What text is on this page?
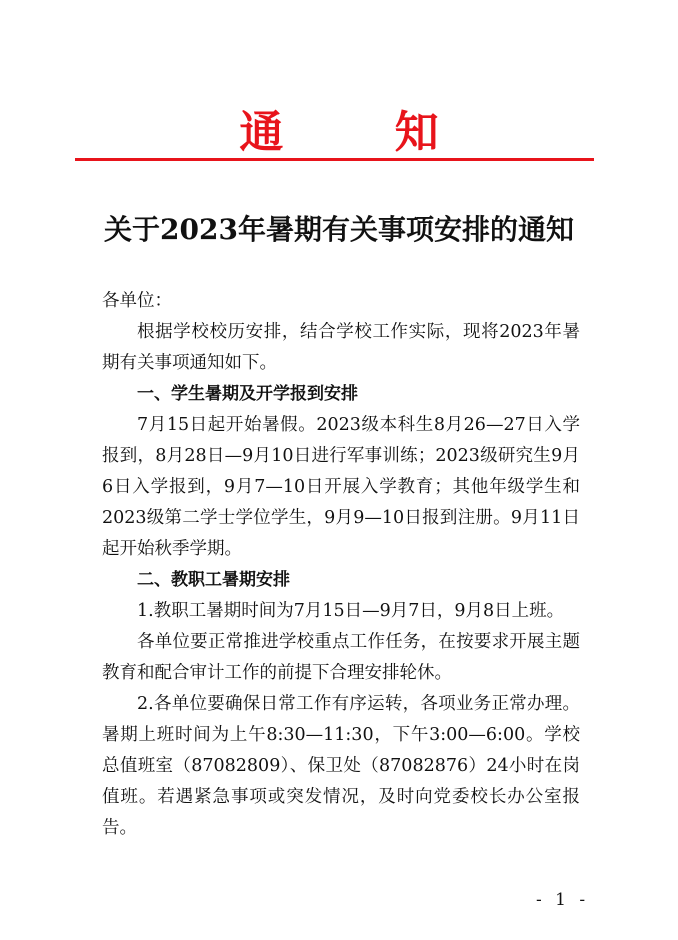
通 知
关于2023年暑期有关事项安排的通知

各单位：

根据学校校历安排，结合学校工作实际，现将2023年暑期有关事项通知如下。

一、学生暑期及开学报到安排

7月15日起开始暑假。2023级本科生8月26—27日入学报到，8月28日—9月10日进行军事训练；2023级研究生9月6日入学报到，9月7—10日开展入学教育；其他年级学生和2023级第二学士学位学生，9月9—10日报到注册。9月11日起开始秋季学期。

二、教职工暑期安排

1.教职工暑期时间为7月15日—9月7日，9月8日上班。

各单位要正常推进学校重点工作任务，在按要求开展主题教育和配合审计工作的前提下合理安排轮休。

2.各单位要确保日常工作有序运转，各项业务正常办理。暑期上班时间为上午8:30—11:30，下午3:00—6:00。学校总值班室（87082809）、保卫处（87082876）24小时在岗值班。若遇紧急事项或突发情况，及时向党委校长办公室报告。

- 1 -
